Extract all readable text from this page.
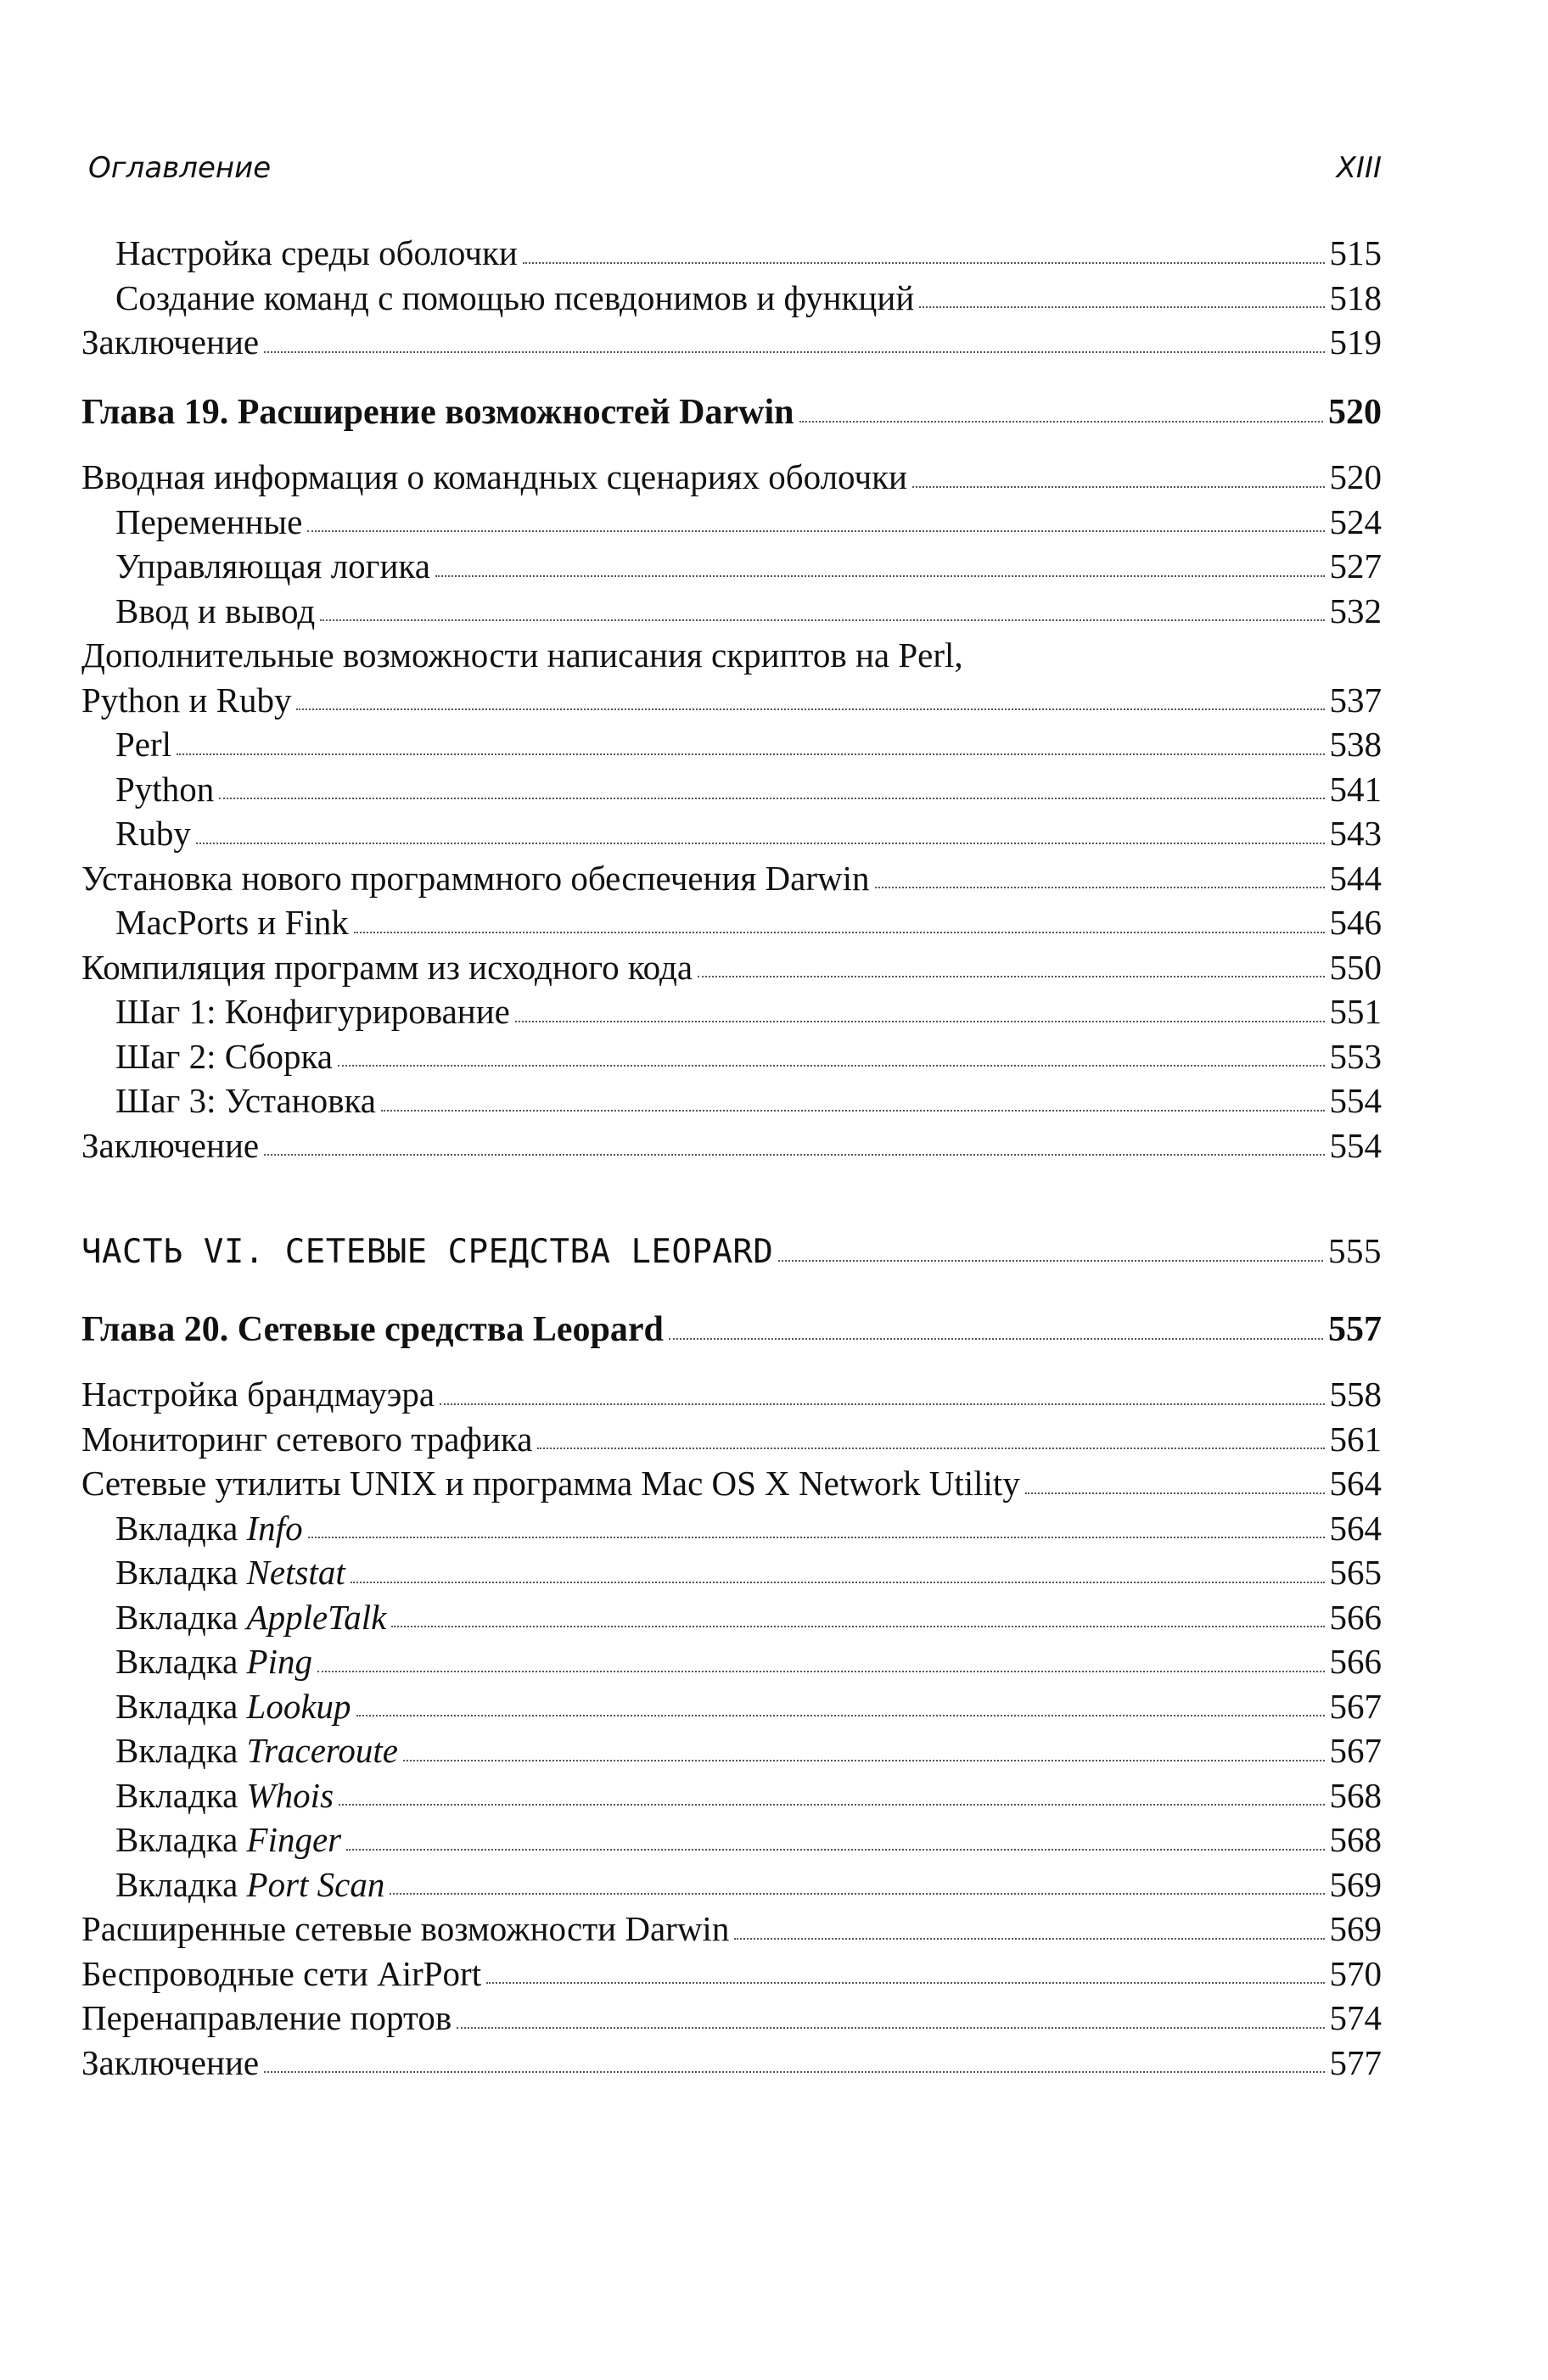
Оглавление	XIII
Настройка среды оболочки	515
Создание команд с помощью псевдонимов и функций	518
Заключение	519
Глава 19. Расширение возможностей Darwin	520
Вводная информация о командных сценариях оболочки	520
Переменные	524
Управляющая логика	527
Ввод и вывод	532
Дополнительные возможности написания скриптов на Perl,
Python и Ruby	537
Perl	538
Python	541
Ruby	543
Установка нового программного обеспечения Darwin	544
MacPorts и Fink	546
Компиляция программ из исходного кода	550
Шаг 1: Конфигурирование	551
Шаг 2: Сборка	553
Шаг 3: Установка	554
Заключение	554
ЧАСТЬ VI. СЕТЕВЫЕ СРЕДСТВА LEOPARD	555
Глава 20. Сетевые средства Leopard	557
Настройка брандмауэра	558
Мониторинг сетевого трафика	561
Сетевые утилиты UNIX и программа Mac OS X Network Utility	564
Вкладка Info	564
Вкладка Netstat	565
Вкладка AppleTalk	566
Вкладка Ping	566
Вкладка Lookup	567
Вкладка Traceroute	567
Вкладка Whois	568
Вкладка Finger	568
Вкладка Port Scan	569
Расширенные сетевые возможности Darwin	569
Беспроводные сети AirPort	570
Перенаправление портов	574
Заключение	577
